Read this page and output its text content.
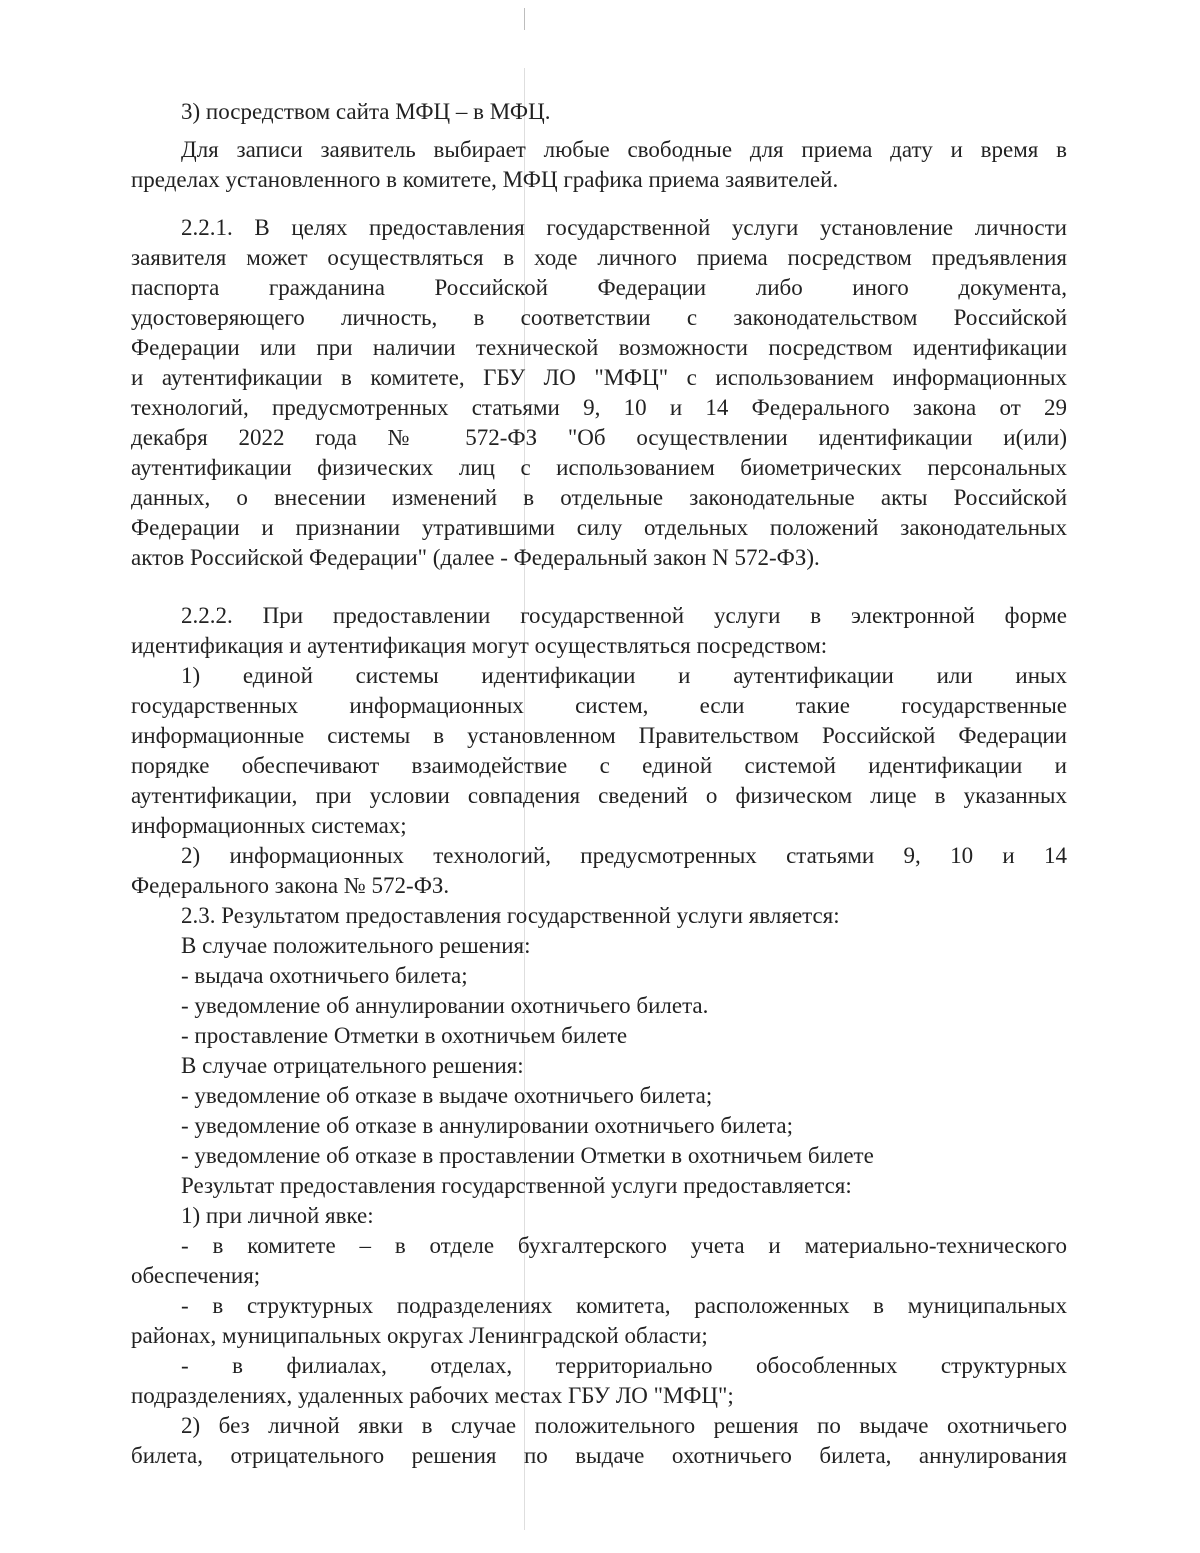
3) посредством сайта МФЦ – в МФЦ.

Для записи заявитель выбирает любые свободные для приема дату и время в

пределах установленного в комитете, МФЦ графика приема заявителей.

2.2.1. В целях предоставления государственной услуги установление личности

заявителя может осуществляться в ходе личного приема посредством предъявления

паспорта гражданина Российской Федерации либо иного документа,

удостоверяющего личность, в соответствии с законодательством Российской

Федерации или при наличии технической возможности посредством идентификации

и аутентификации в комитете, ГБУ ЛО "МФЦ" с использованием информационных

технологий, предусмотренных статьями 9, 10 и 14 Федерального закона от 29

декабря 2022 года № 572-ФЗ "Об осуществлении идентификации и(или)

аутентификации физических лиц с использованием биометрических персональных

данных, о внесении изменений в отдельные законодательные акты Российской

Федерации и признании утратившими силу отдельных положений законодательных

актов Российской Федерации" (далее - Федеральный закон N 572-ФЗ).

2.2.2. При предоставлении государственной услуги в электронной форме

идентификация и аутентификация могут осуществляться посредством:

1) единой системы идентификации и аутентификации или иных

государственных информационных систем, если такие государственные

информационные системы в установленном Правительством Российской Федерации

порядке обеспечивают взаимодействие с единой системой идентификации и

аутентификации, при условии совпадения сведений о физическом лице в указанных

информационных системах;

2) информационных технологий, предусмотренных статьями 9, 10 и 14

Федерального закона № 572-ФЗ.

2.3. Результатом предоставления государственной услуги является:

В случае положительного решения:

- выдача охотничьего билета;

- уведомление об аннулировании охотничьего билета.

- проставление Отметки в охотничьем билете

В случае отрицательного решения:

- уведомление об отказе в выдаче охотничьего билета;

- уведомление об отказе в аннулировании охотничьего билета;

- уведомление об отказе в проставлении Отметки в охотничьем билете

Результат предоставления государственной услуги предоставляется:

1) при личной явке:

- в комитете – в отделе бухгалтерского учета и материально-технического

обеспечения;

- в структурных подразделениях комитета, расположенных в муниципальных

районах, муниципальных округах Ленинградской области;

- в филиалах, отделах, территориально обособленных структурных

подразделениях, удаленных рабочих местах ГБУ ЛО "МФЦ";

2) без личной явки в случае положительного решения по выдаче охотничьего

билета, отрицательного решения по выдаче охотничьего билета, аннулирования
